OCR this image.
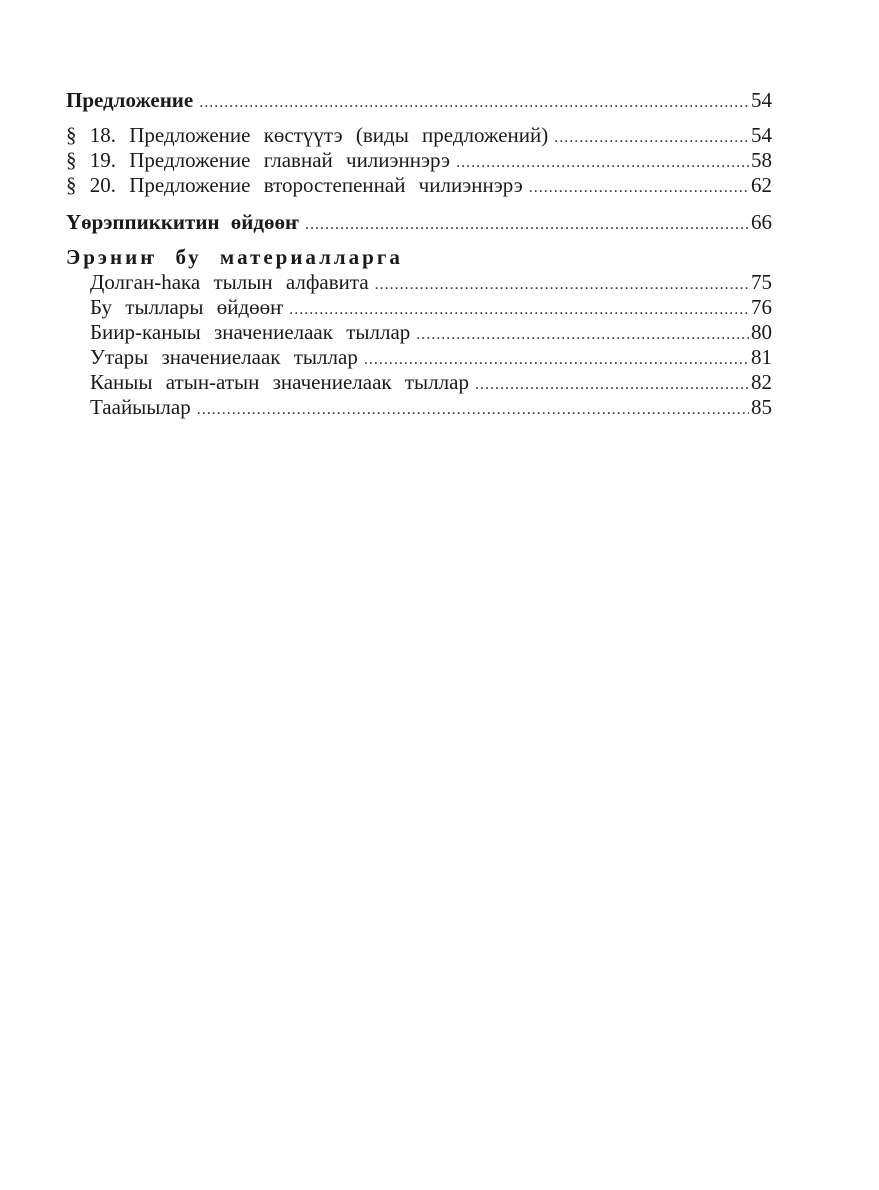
Предложение .....	54
§ 18. Предложение көстүүтэ (виды предложений) .....	54
§ 19. Предложение главнай чилиэннэрэ .....	58
§ 20. Предложение второстепеннай чилиэннэрэ .....	62
Үөрэппиккитин өйдөөҥ .....	66
Эрэниҥ бу материалларга
Долган-һака тылын алфавита .....	75
Бу тыллары өйдөөҥ .....	76
Биир-каныы значениелаак тыллар .....	80
Утары значениелаак тыллар .....	81
Каныы атын-атын значениелаак тыллар .....	82
Таайыылар .....	85
